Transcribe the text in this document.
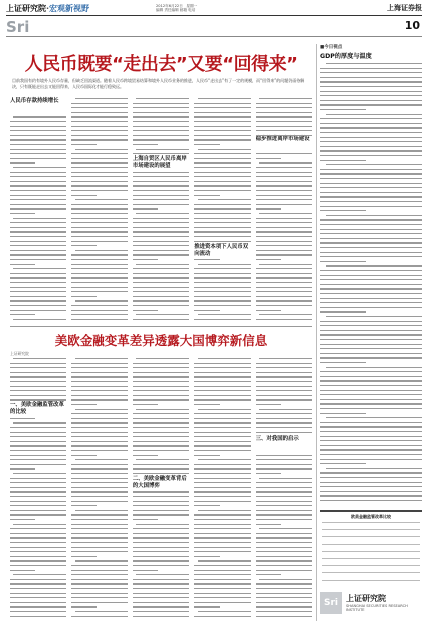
上证研究院·宏观新视野	2012年6月22日　星期一
编辑 责任编辑 邮箱 电话	上海证券报
Sri	10
人民币既要“走出去”又要“回得来”
目前我国有约有境外人民币存量，但缺乏回流渠道。随着人民币跨境贸易结算和境外人民币业务的推进，人民币“走出去”有了一定的规模，而“回得来”的问题仍亟待解决，只有既能走出去又能回得来，人民币国际化才能行稳致远。
人民币存款持续增长
上海自贸区人民币离岸市场建设的展望
推进资本项下人民币双向流动
稳步推进离岸市场建设
美欧金融变革差异透露大国博弈新信息
上证研究院
一、美欧金融监管改革的比较
二、美欧金融变革背后的大国博弈
三、对我国的启示
■今日视点
GDP的厚度与温度
欧美金融监管改革比较
Sri	上证研究院
SHANGHAI SECURITIES RESEARCH INSTITUTE
